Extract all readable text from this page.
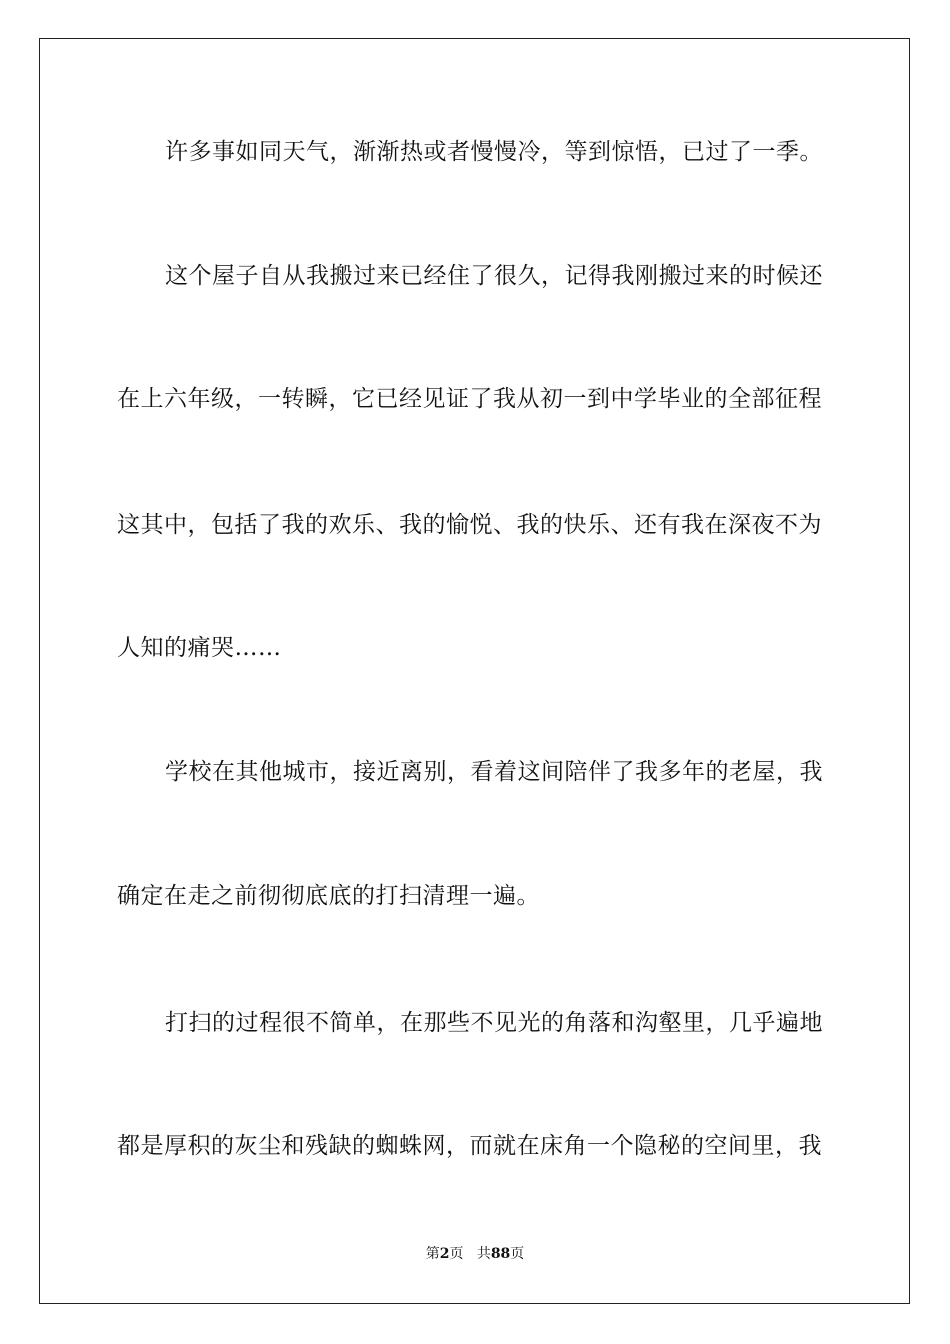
许多事如同天气，渐渐热或者慢慢冷，等到惊悟，已过了一季。
这个屋子自从我搬过来已经住了很久，记得我刚搬过来的时候还
在上六年级，一转瞬，它已经见证了我从初一到中学毕业的全部征程
这其中，包括了我的欢乐、我的愉悦、我的快乐、还有我在深夜不为
人知的痛哭……
学校在其他城市，接近离别，看着这间陪伴了我多年的老屋，我
确定在走之前彻彻底底的打扫清理一遍。
打扫的过程很不简单，在那些不见光的角落和沟壑里，几乎遍地
都是厚积的灰尘和残缺的蜘蛛网，而就在床角一个隐秘的空间里，我
第2页 共88页
